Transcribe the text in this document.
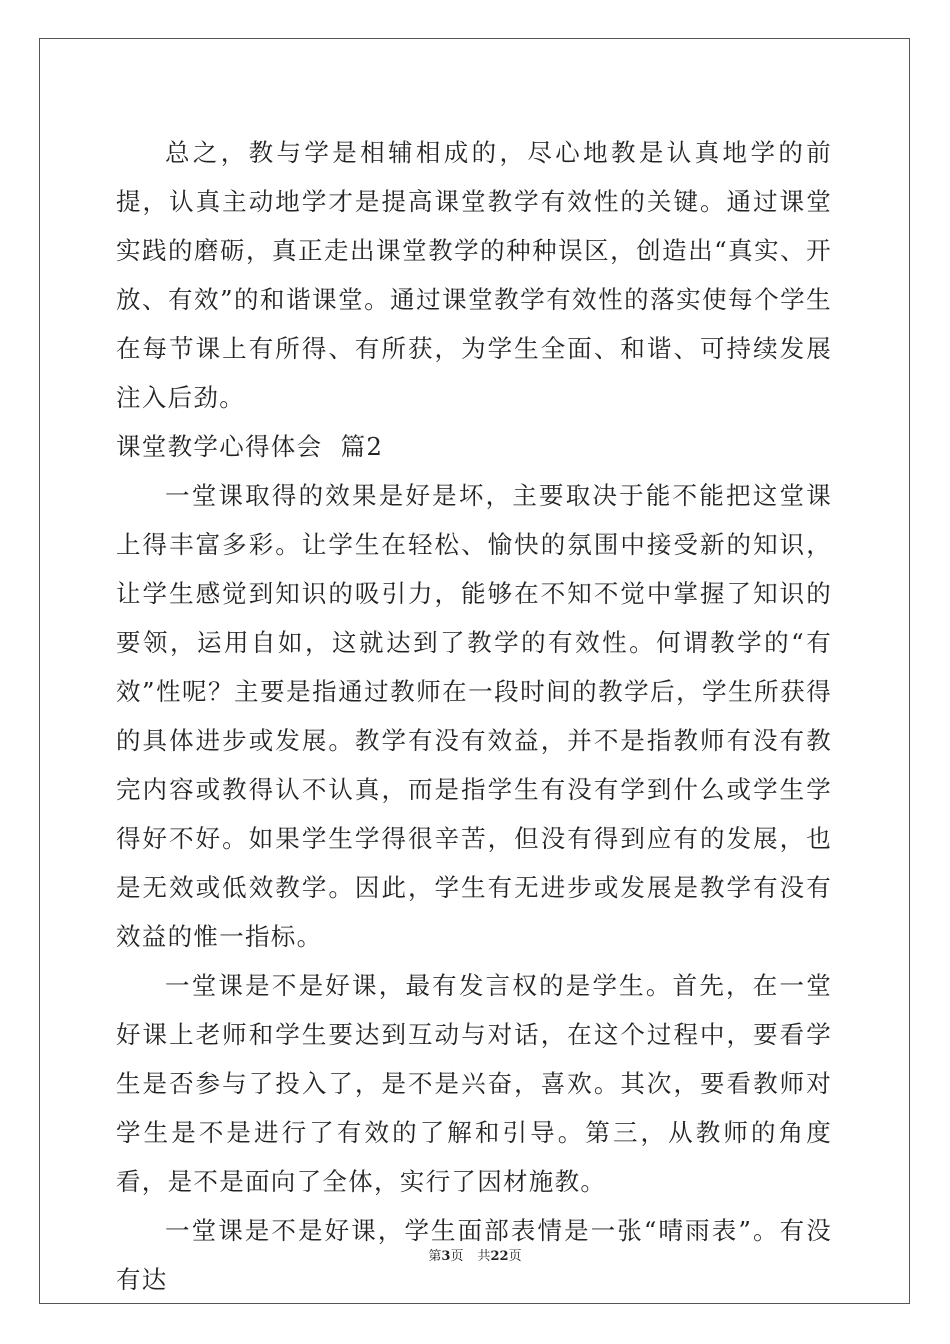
总之，教与学是相辅相成的，尽心地教是认真地学的前提，认真主动地学才是提高课堂教学有效性的关键。通过课堂实践的磨砺，真正走出课堂教学的种种误区，创造出“真实、开放、有效”的和谐课堂。通过课堂教学有效性的落实使每个学生在每节课上有所得、有所获，为学生全面、和谐、可持续发展注入后劲。

课堂教学心得体会  篇2

一堂课取得的效果是好是坏，主要取决于能不能把这堂课上得丰富多彩。让学生在轻松、愉快的氛围中接受新的知识，让学生感觉到知识的吸引力，能够在不知不觉中掌握了知识的要领，运用自如，这就达到了教学的有效性。何谓教学的“有效”性呢？主要是指通过教师在一段时间的教学后，学生所获得的具体进步或发展。教学有没有效益，并不是指教师有没有教完内容或教得认不认真，而是指学生有没有学到什么或学生学得好不好。如果学生学得很辛苦，但没有得到应有的发展，也是无效或低效教学。因此，学生有无进步或发展是教学有没有效益的惟一指标。

一堂课是不是好课，最有发言权的是学生。首先，在一堂好课上老师和学生要达到互动与对话，在这个过程中，要看学生是否参与了投入了，是不是兴奋，喜欢。其次，要看教师对学生是不是进行了有效的了解和引导。第三，从教师的角度看，是不是面向了全体，实行了因材施教。

一堂课是不是好课，学生面部表情是一张“晴雨表”。有没有达

第3页 共22页
